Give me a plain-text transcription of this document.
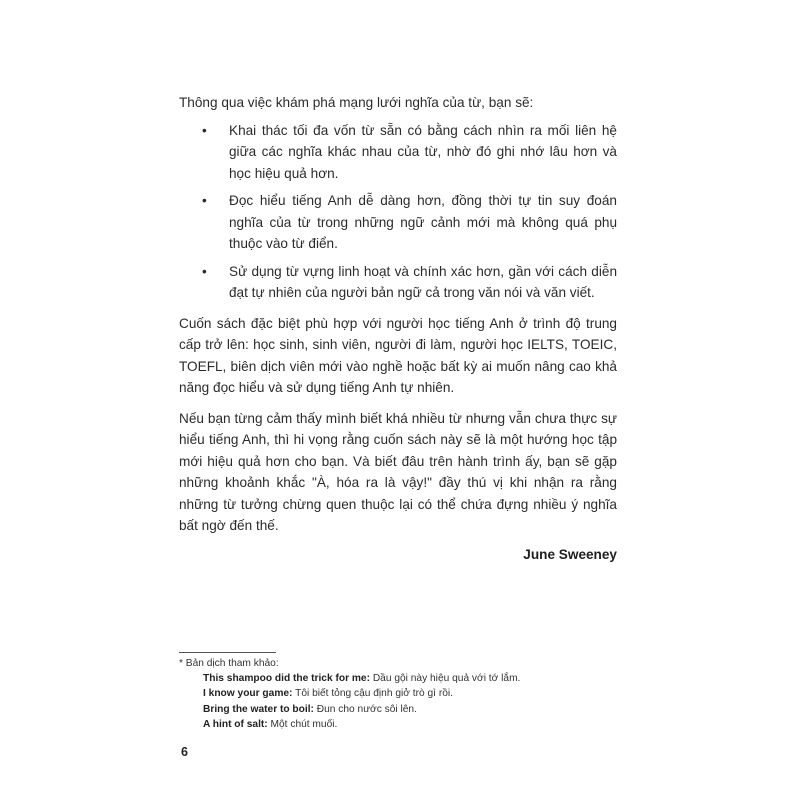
Thông qua việc khám phá mạng lưới nghĩa của từ, bạn sẽ:

• Khai thác tối đa vốn từ sẵn có bằng cách nhìn ra mối liên hệ giữa các nghĩa khác nhau của từ, nhờ đó ghi nhớ lâu hơn và học hiệu quả hơn.
• Đọc hiểu tiếng Anh dễ dàng hơn, đồng thời tự tin suy đoán nghĩa của từ trong những ngữ cảnh mới mà không quá phụ thuộc vào từ điển.
• Sử dụng từ vựng linh hoạt và chính xác hơn, gần với cách diễn đạt tự nhiên của người bản ngữ cả trong văn nói và văn viết.

Cuốn sách đặc biệt phù hợp với người học tiếng Anh ở trình độ trung cấp trở lên: học sinh, sinh viên, người đi làm, người học IELTS, TOEIC, TOEFL, biên dịch viên mới vào nghề hoặc bất kỳ ai muốn nâng cao khả năng đọc hiểu và sử dụng tiếng Anh tự nhiên.

Nếu bạn từng cảm thấy mình biết khá nhiều từ nhưng vẫn chưa thực sự hiểu tiếng Anh, thì hi vọng rằng cuốn sách này sẽ là một hướng học tập mới hiệu quả hơn cho bạn. Và biết đâu trên hành trình ấy, bạn sẽ gặp những khoảnh khắc "À, hóa ra là vậy!" đầy thú vị khi nhận ra rằng những từ tưởng chừng quen thuộc lại có thể chứa đựng nhiều ý nghĩa bất ngờ đến thế.

June Sweeney

* Bản dịch tham khảo:

This shampoo did the trick for me: Dầu gội này hiệu quả với tớ lắm.

I know your game: Tôi biết tỏng cậu định giở trò gì rồi.

Bring the water to boil: Đun cho nước sôi lên.

A hint of salt: Một chút muối.

6
